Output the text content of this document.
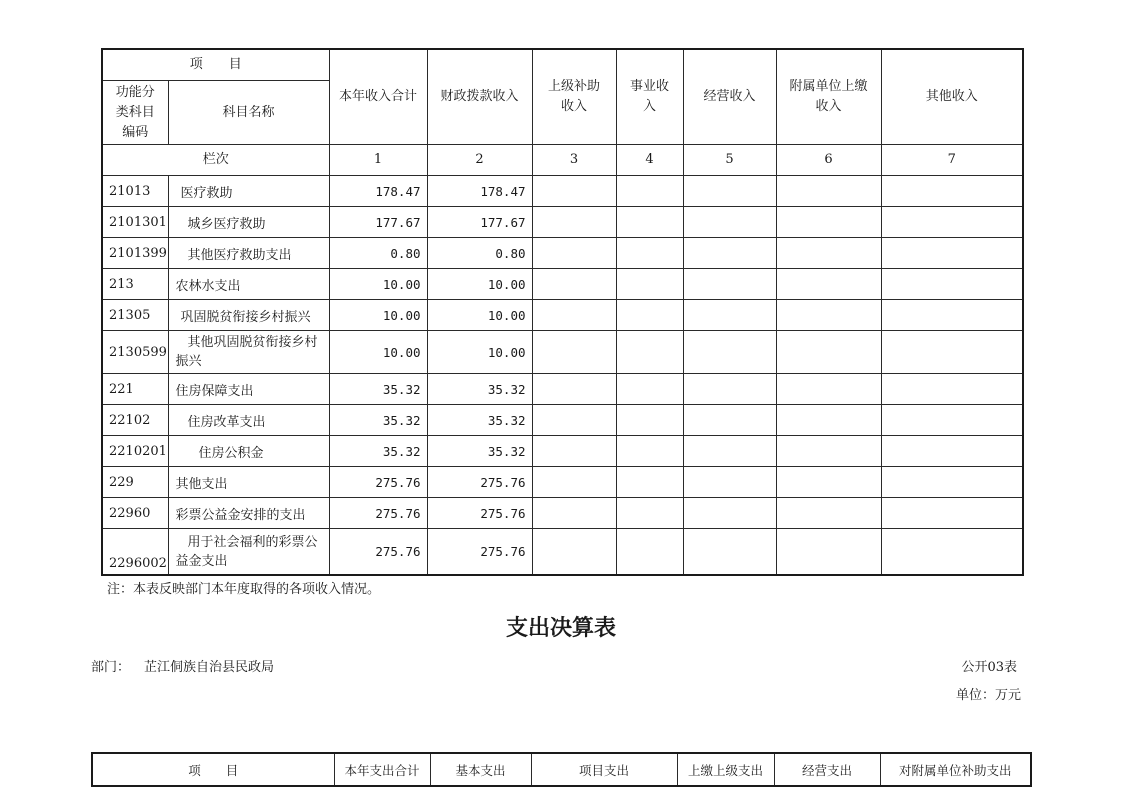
项　　目		本年收入合计	财政拨款收入	上级补助收入	事业收入	经营收入	附属单位上缴收入	其他收入
功能分类科目编码	科目名称							
栏次		1	2	3	4	5	6	7
21013	医疗救助	178.47	178.47					
2101301	城乡医疗救助	177.67	177.67					
2101399	其他医疗救助支出	0.80	0.80					
213	农林水支出	10.00	10.00					
21305	巩固脱贫衔接乡村振兴	10.00	10.00					
2130599	其他巩固脱贫衔接乡村振兴	10.00	10.00					
221	住房保障支出	35.32	35.32					
22102	住房改革支出	35.32	35.32					
2210201	住房公积金	35.32	35.32					
229	其他支出	275.76	275.76					
22960	彩票公益金安排的支出	275.76	275.76					
2296002	用于社会福利的彩票公益金支出	275.76	275.76					
注：本表反映部门本年度取得的各项收入情况。
支出决算表
部门： 芷江侗族自治县民政局	公开03表
单位：万元
项　　目	本年支出合计	基本支出	项目支出	上缴上级支出	经营支出	对附属单位补助支出
